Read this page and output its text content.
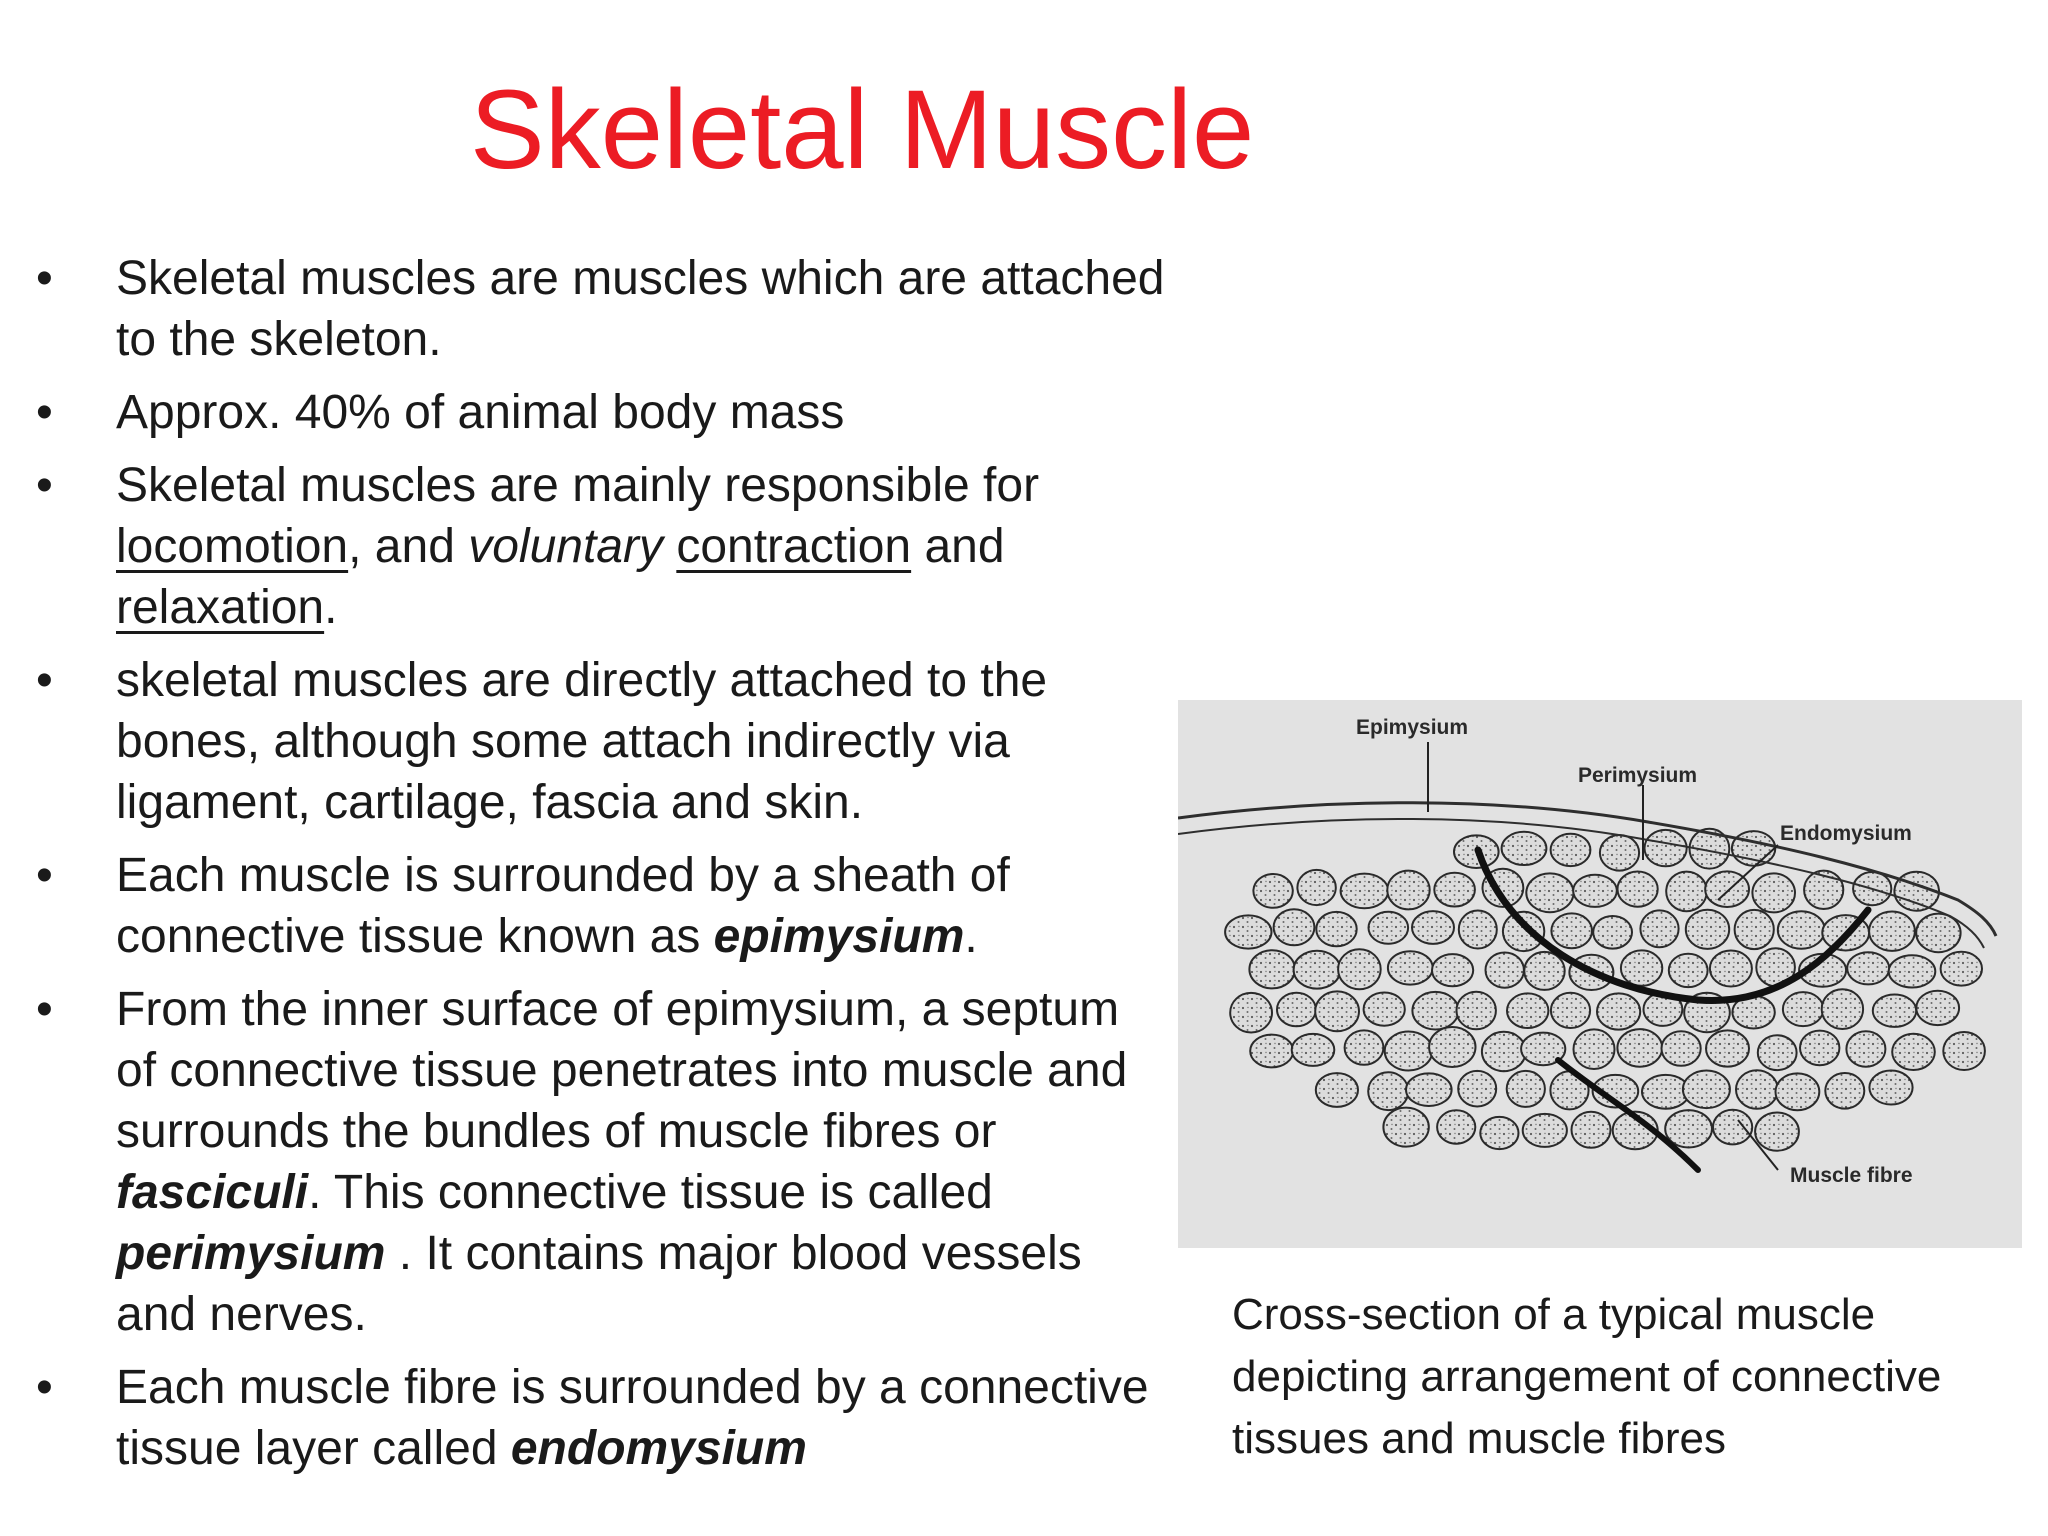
Skeletal Muscle
• Skeletal muscles are muscles which are attached to the skeleton.
• Approx. 40% of animal body mass
• Skeletal muscles are mainly responsible for locomotion, and voluntary contraction and relaxation.
• skeletal muscles are directly attached to the bones, although some attach indirectly via ligament, cartilage, fascia and skin.
• Each muscle is surrounded by a sheath of connective tissue known as epimysium.
• From the inner surface of epimysium, a septum of connective tissue penetrates into muscle and surrounds the bundles of muscle fibres or fasciculi. This connective tissue is called perimysium . It contains major blood vessels and nerves.
• Each muscle fibre is surrounded by a connective tissue layer called endomysium
Epimysium
Perimysium
Endomysium
Muscle fibre

Cross-section of a typical muscle depicting arrangement of connective tissues and muscle fibres
